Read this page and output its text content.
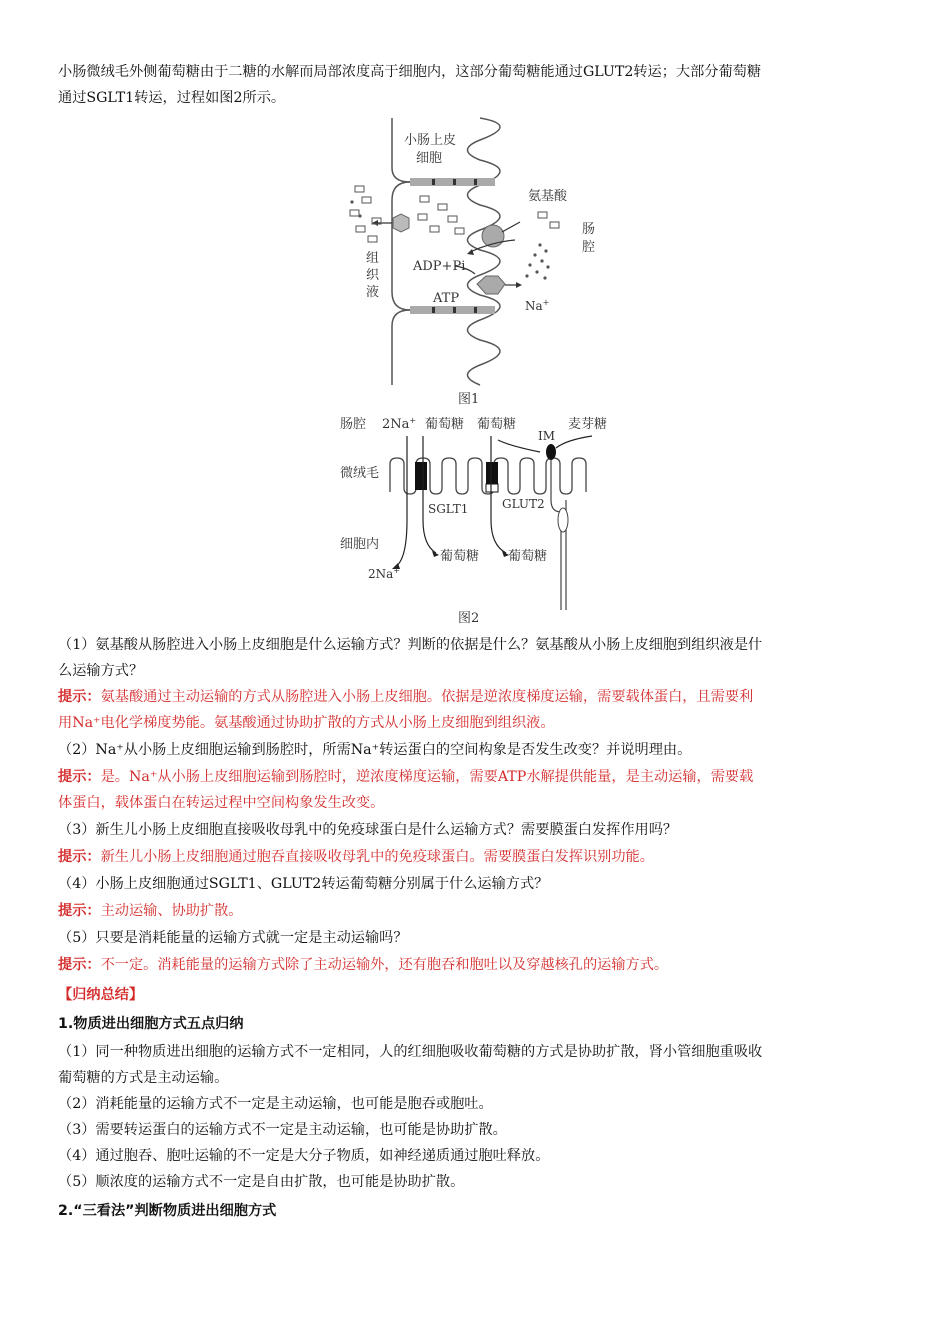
小肠微绒毛外侧葡萄糖由于二糖的水解而局部浓度高于细胞内，这部分葡萄糖能通过GLUT2转运；大部分葡萄糖
通过SGLT1转运，过程如图2所示。
小肠上皮
细胞
氨基酸
肠
腔
组
织
液
ADP+Pi
ATP	Na+
图1
肠腔 2Na+ 葡萄糖 葡萄糖	麦芽糖
IM
微绒毛
SGLT1	GLUT2
细胞内
葡萄糖 葡萄糖
2Na+
图2
（1）氨基酸从肠腔进入小肠上皮细胞是什么运输方式？判断的依据是什么？氨基酸从小肠上皮细胞到组织液是什
么运输方式？
提示：氨基酸通过主动运输的方式从肠腔进入小肠上皮细胞。依据是逆浓度梯度运输，需要载体蛋白，且需要利
用Na⁺电化学梯度势能。氨基酸通过协助扩散的方式从小肠上皮细胞到组织液。
（2）Na⁺从小肠上皮细胞运输到肠腔时，所需Na⁺转运蛋白的空间构象是否发生改变？并说明理由。
提示：是。Na⁺从小肠上皮细胞运输到肠腔时，逆浓度梯度运输，需要ATP水解提供能量，是主动运输，需要载
体蛋白，载体蛋白在转运过程中空间构象发生改变。
（3）新生儿小肠上皮细胞直接吸收母乳中的免疫球蛋白是什么运输方式？需要膜蛋白发挥作用吗？
提示：新生儿小肠上皮细胞通过胞吞直接吸收母乳中的免疫球蛋白。需要膜蛋白发挥识别功能。
（4）小肠上皮细胞通过SGLT1、GLUT2转运葡萄糖分别属于什么运输方式？
提示：主动运输、协助扩散。
（5）只要是消耗能量的运输方式就一定是主动运输吗？
提示：不一定。消耗能量的运输方式除了主动运输外，还有胞吞和胞吐以及穿越核孔的运输方式。
【归纳总结】
1.物质进出细胞方式五点归纳
（1）同一种物质进出细胞的运输方式不一定相同，人的红细胞吸收葡萄糖的方式是协助扩散，肾小管细胞重吸收
葡萄糖的方式是主动运输。
（2）消耗能量的运输方式不一定是主动运输，也可能是胞吞或胞吐。
（3）需要转运蛋白的运输方式不一定是主动运输，也可能是协助扩散。
（4）通过胞吞、胞吐运输的不一定是大分子物质，如神经递质通过胞吐释放。
（5）顺浓度的运输方式不一定是自由扩散，也可能是协助扩散。
2.“三看法”判断物质进出细胞方式
